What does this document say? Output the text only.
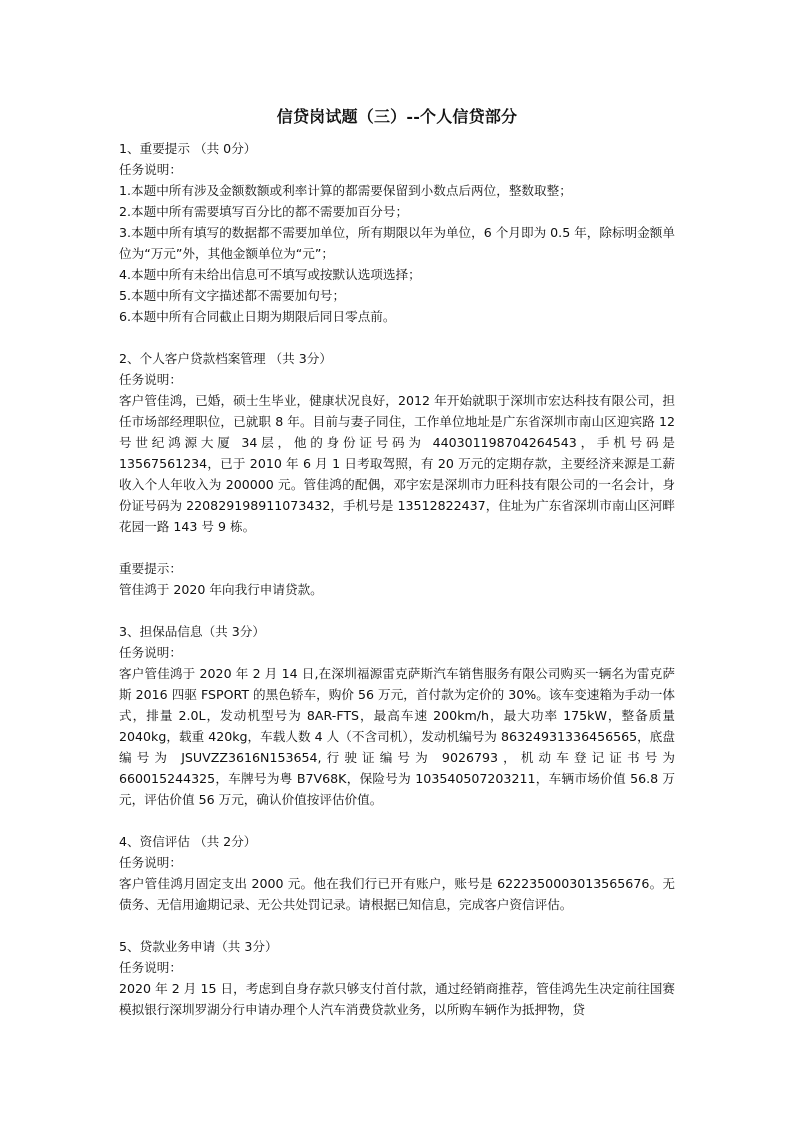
信贷岗试题（三）--个人信贷部分
1、重要提示 （共 0分）
任务说明：
1.本题中所有涉及金额数额或利率计算的都需要保留到小数点后两位，整数取整；
2.本题中所有需要填写百分比的都不需要加百分号；
3.本题中所有填写的数据都不需要加单位，所有期限以年为单位，6 个月即为 0.5 年，除标明金额单位为“万元”外，其他金额单位为“元”；
4.本题中所有未给出信息可不填写或按默认选项选择；
5.本题中所有文字描述都不需要加句号；
6.本题中所有合同截止日期为期限后同日零点前。
2、个人客户贷款档案管理 （共 3分）
任务说明：
客户管佳鸿，已婚，硕士生毕业，健康状况良好，2012 年开始就职于深圳市宏达科技有限公司，担任市场部经理职位，已就职 8 年。目前与妻子同住，工作单位地址是广东省深圳市南山区迎宾路 12 号世纪鸿源大厦 34层，他的身份证号码为 44030119870426​4543，手机号码是 13567561234，已于 2010 年 6 月 1 日考取驾照，有 20 万元的定期存款，主要经济来源是工薪收入个人年收入为 200000 元。管佳鸿的配偶，邓宇宏是深圳市力旺科技有限公司的一名会计，身份证号码为 220829198911073432，手机号是 13512822437，住址为广东省深圳市南山区河畔花园一路 143 号 9 栋。
重要提示：
管佳鸿于 2020 年向我行申请贷款。
3、担保品信息（共 3分）
任务说明：
客户管佳鸿于 2020 年 2 月 14 日,在深圳福源雷克萨斯汽车销售服务有限公司购买一辆名为雷克萨斯 2016 四驱 FSPORT 的黑色轿车，购价 56 万元，首付款为定价的 30%。该车变速箱为手动一体式，排量 2.0L，发动机型号为 8AR-FTS，最高车速 200km/h，最大功率 175kW，整备质量 2040kg，载重 420kg，车载人数 4 人（不含司机），发动机编号为 86324931336456565，底盘编号为 JSUVZZ3616N153654,行驶证编号为 9026793，机动车登记证书号为 660015244325，车牌号为粤 B7V68K，保险号为 103540507203211，车辆市场价值 56.8 万元，评估价值 56 万元，确认价值按评估价值。
4、资信评估 （共 2分）
任务说明：
客户管佳鸿月固定支出 2000 元。他在我们行已开有账户，账号是 6222350003013565676。无债务、无信用逾期记录、无公共处罚记录。请根据已知信息，完成客户资信评估。
5、贷款业务申请（共 3分）
任务说明：
2020 年 2 月 15 日，考虑到自身存款只够支付首付款，通过经销商推荐，管佳鸿先生决定前往国赛模拟银行深圳罗湖分行申请办理个人汽车消费贷款业务，以所购车辆作为抵押物，贷
